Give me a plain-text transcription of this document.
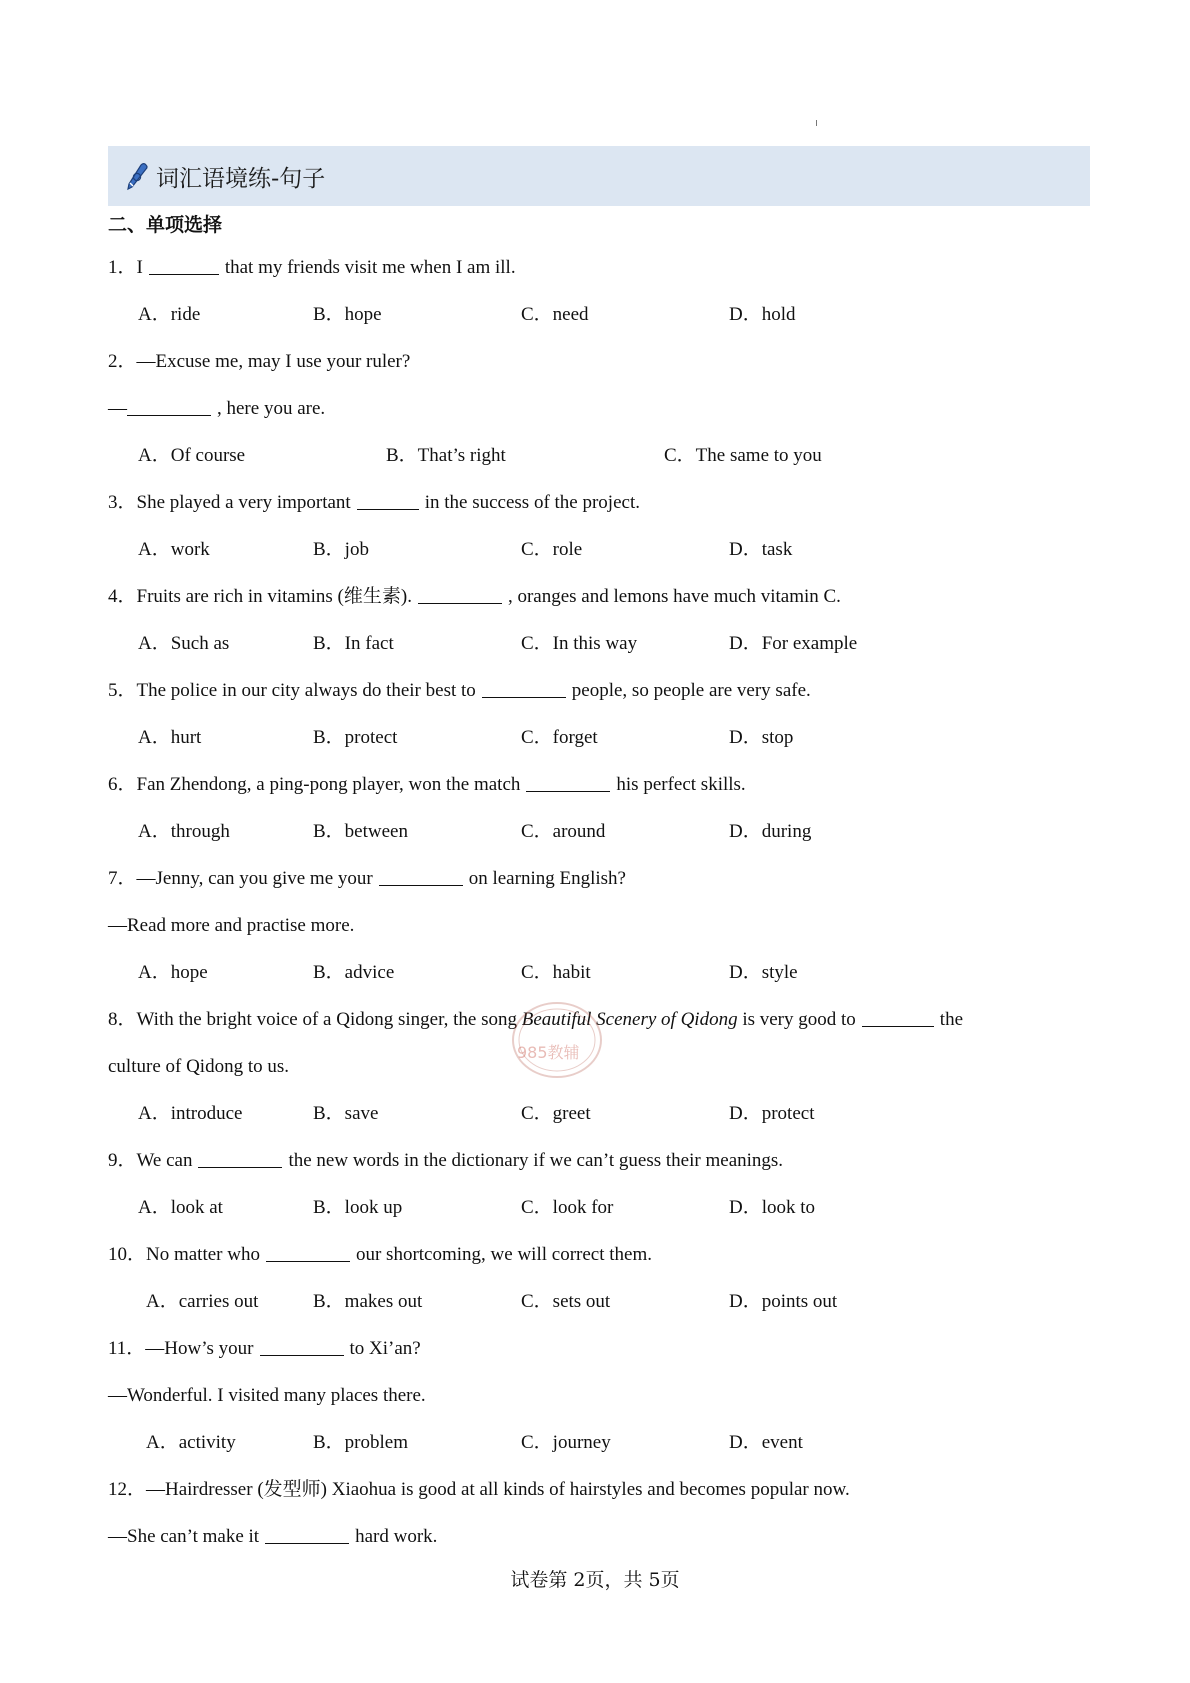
词汇语境练-句子
二、单项选择
1．I	that my friends visit me when I am ill.
A．ride	B．hope	C．need	D．hold
2．—Excuse me, may I use your ruler?
—	, here you are.
A．Of course	B．That’s right	C．The same to you
3．She played a very important	in the success of the project.
A．work	B．job	C．role	D．task
4．Fruits are rich in vitamins (维生素).	, oranges and lemons have much vitamin C.
A．Such as	B．In fact	C．In this way	D．For example
5．The police in our city always do their best to	people, so people are very safe.
A．hurt	B．protect	C．forget	D．stop
6．Fan Zhendong, a ping-pong player, won the match	his perfect skills.
A．through	B．between	C．around	D．during
7．—Jenny, can you give me your	on learning English?
—Read more and practise more.
A．hope	B．advice	C．habit	D．style
8．With the bright voice of a Qidong singer, the song Beautiful Scenery of Qidong is very good to	the
culture of Qidong to us.
A．introduce	B．save	C．greet	D．protect
9．We can	the new words in the dictionary if we can’t guess their meanings.
A．look at	B．look up	C．look for	D．look to
10．No matter who	our shortcoming, we will correct them.
A．carries out	B．makes out	C．sets out	D．points out
11．—How’s your	to Xi’an?
—Wonderful. I visited many places there.
A．activity	B．problem	C．journey	D．event
12．—Hairdresser (发型师) Xiaohua is good at all kinds of hairstyles and becomes popular now.
—She can’t make it	hard work.
985教辅
试卷第 2页，共 5页
